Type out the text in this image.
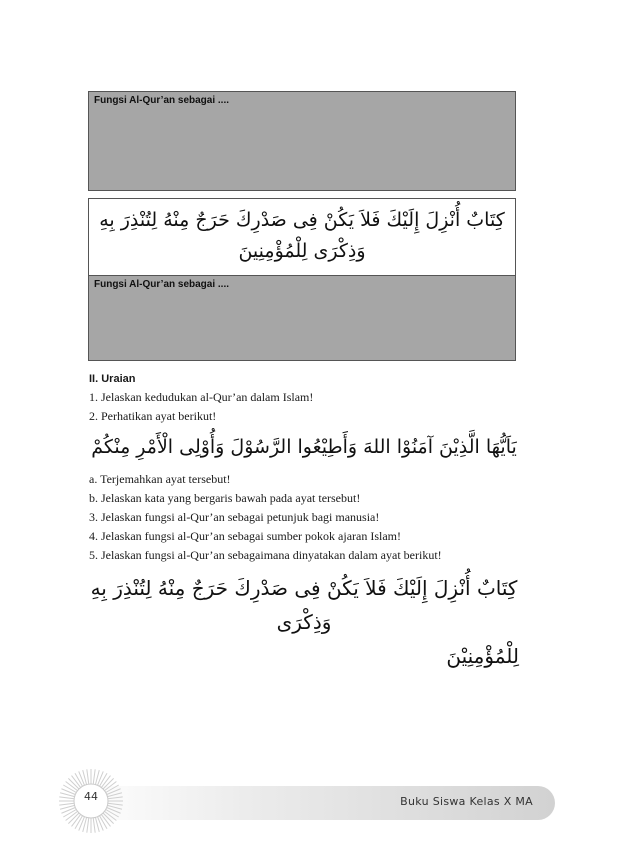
Fungsi Al-Qur’an sebagai ....
كِتَابٌ أُنْزِلَ إِلَيْكَ فَلاَ يَكُنْ فِى صَدْرِكَ حَرَجٌ مِنْهُ لِتُنْذِرَ بِهِ
وَذِكْرَى لِلْمُؤْمِنِينَ
Fungsi Al-Qur’an sebagai ....
II. Uraian
1. Jelaskan kedudukan al-Qur’an dalam Islam!
2. Perhatikan ayat berikut!
يَاَيُّهَا الَّذِيْنَ آمَنُوْا اللهَ وَأَطِيْعُوا الرَّسُوْلَ وَأُوْلِى الْأَمْرِ مِنْكُمْ
a. Terjemahkan ayat tersebut!
b. Jelaskan kata yang bergaris bawah pada ayat tersebut!
3. Jelaskan fungsi al-Qur’an sebagai petunjuk bagi manusia!
4. Jelaskan fungsi al-Qur’an sebagai sumber pokok ajaran Islam!
5. Jelaskan fungsi al-Qur’an sebagaimana dinyatakan dalam ayat berikut!
كِتَابٌ أُنْزِلَ إِلَيْكَ فَلاَ يَكُنْ فِى صَدْرِكَ حَرَجٌ مِنْهُ لِتُنْذِرَ بِهِ وَذِكْرَى
لِلْمُؤْمِنِيْنَ
Buku Siswa Kelas X MA
44
